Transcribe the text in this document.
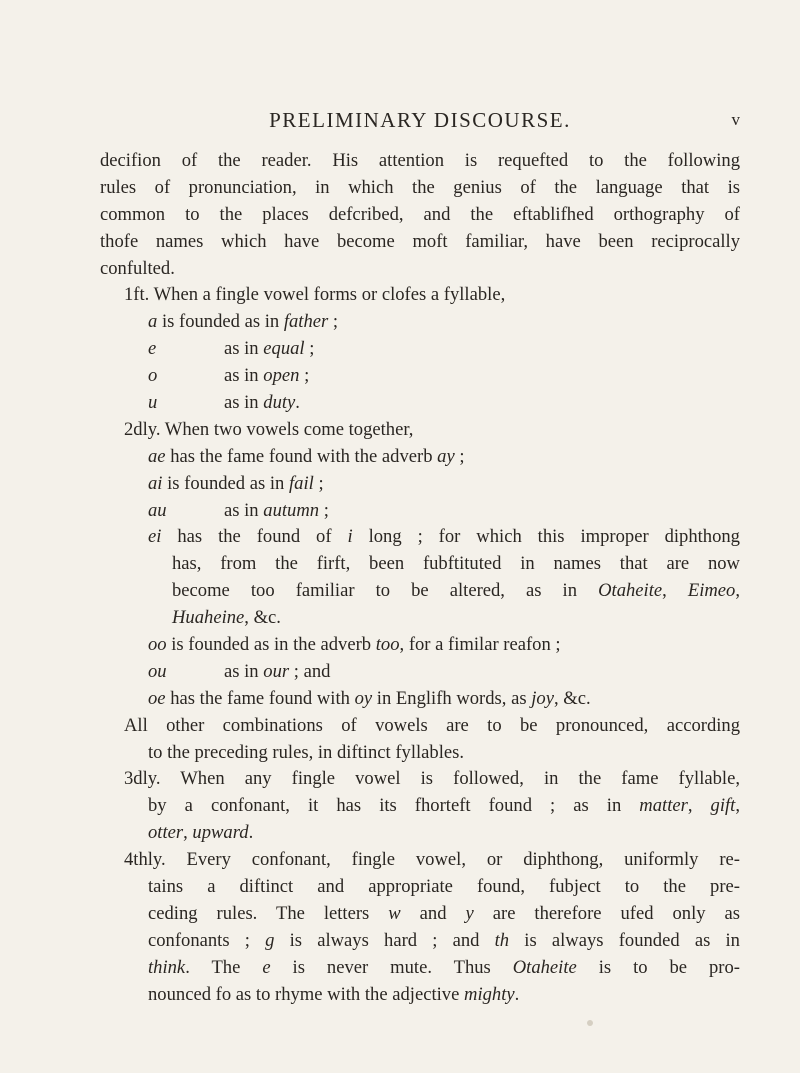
PRELIMINARY DISCOURSE.	v
decifion of the reader. His attention is requefted to the following
rules of pronunciation, in which the genius of the language that is
common to the places defcribed, and the eftablifhed orthography of
thofe names which have become moft familiar, have been reciprocally
confulted.
1ft. When a fingle vowel forms or clofes a fyllable,
a is founded as in father ;
e	as in equal ;
o	as in open ;
u	as in duty.
2dly. When two vowels come together,
ae has the fame found with the adverb ay ;
ai is founded as in fail ;
au	as in autumn ;
ei has the found of i long ; for which this improper diphthong
has, from the firft, been fubftituted in names that are now
become too familiar to be altered, as in Otaheite, Eimeo,
Huaheine, &c.
oo is founded as in the adverb too, for a fimilar reafon ;
ou	as in our ; and
oe has the fame found with oy in Englifh words, as joy, &c.
All other combinations of vowels are to be pronounced, according
to the preceding rules, in diftinct fyllables.
3dly. When any fingle vowel is followed, in the fame fyllable,
by a confonant, it has its fhorteft found ; as in matter, gift,
otter, upward.
4thly. Every confonant, fingle vowel, or diphthong, uniformly re-
tains a diftinct and appropriate found, fubject to the pre-
ceding rules. The letters w and y are therefore ufed only as
confonants ; g is always hard ; and th is always founded as in
think. The e is never mute. Thus Otaheite is to be pro-
nounced fo as to rhyme with the adjective mighty.
